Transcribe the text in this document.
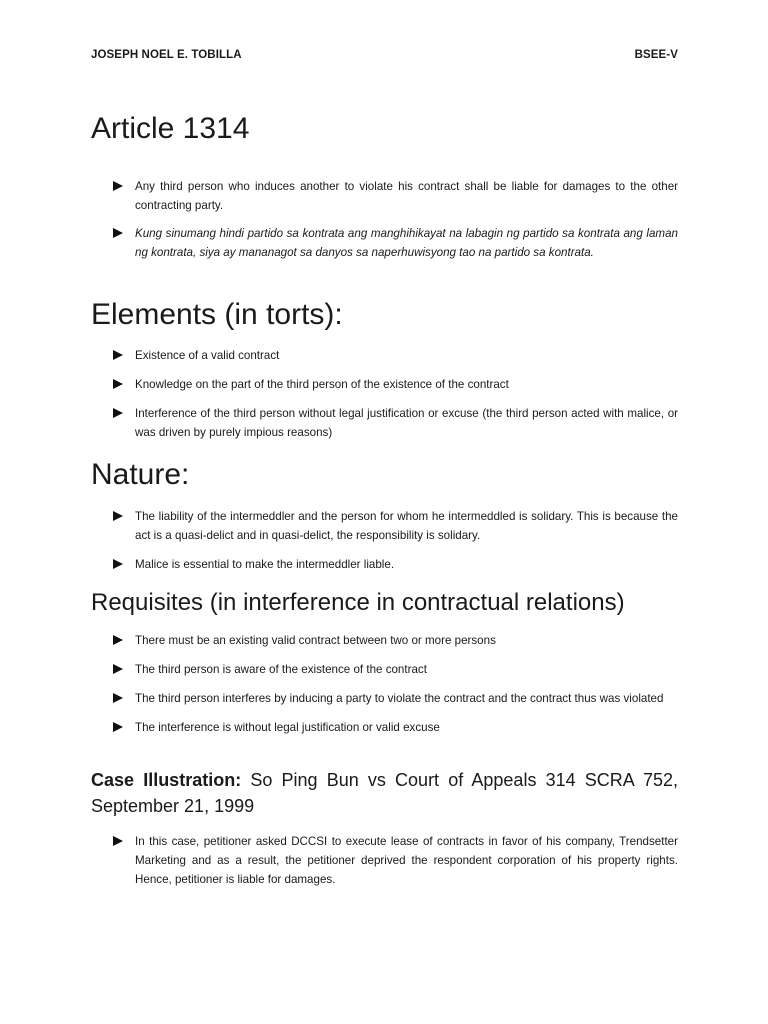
JOSEPH NOEL E. TOBILLA	BSEE-V
Article 1314
Any third person who induces another to violate his contract shall be liable for damages to the other contracting party.
Kung sinumang hindi partido sa kontrata ang manghihikayat na labagin ng partido sa kontrata ang laman ng kontrata, siya ay mananagot sa danyos sa naperhuwisyong tao na partido sa kontrata.
Elements (in torts):
Existence of a valid contract
Knowledge on the part of the third person of the existence of the contract
Interference of the third person without legal justification or excuse (the third person acted with malice, or was driven by purely impious reasons)
Nature:
The liability of the intermeddler and the person for whom he intermeddled is solidary. This is because the act is a quasi-delict and in quasi-delict, the responsibility is solidary.
Malice is essential to make the intermeddler liable.
Requisites (in interference in contractual relations)
There must be an existing valid contract between two or more persons
The third person is aware of the existence of the contract
The third person interferes by inducing a party to violate the contract and the contract thus was violated
The interference is without legal justification or valid excuse

Case Illustration: So Ping Bun vs Court of Appeals 314 SCRA 752, September 21, 1999

In this case, petitioner asked DCCSI to execute lease of contracts in favor of his company, Trendsetter Marketing and as a result, the petitioner deprived the respondent corporation of his property rights. Hence, petitioner is liable for damages.
